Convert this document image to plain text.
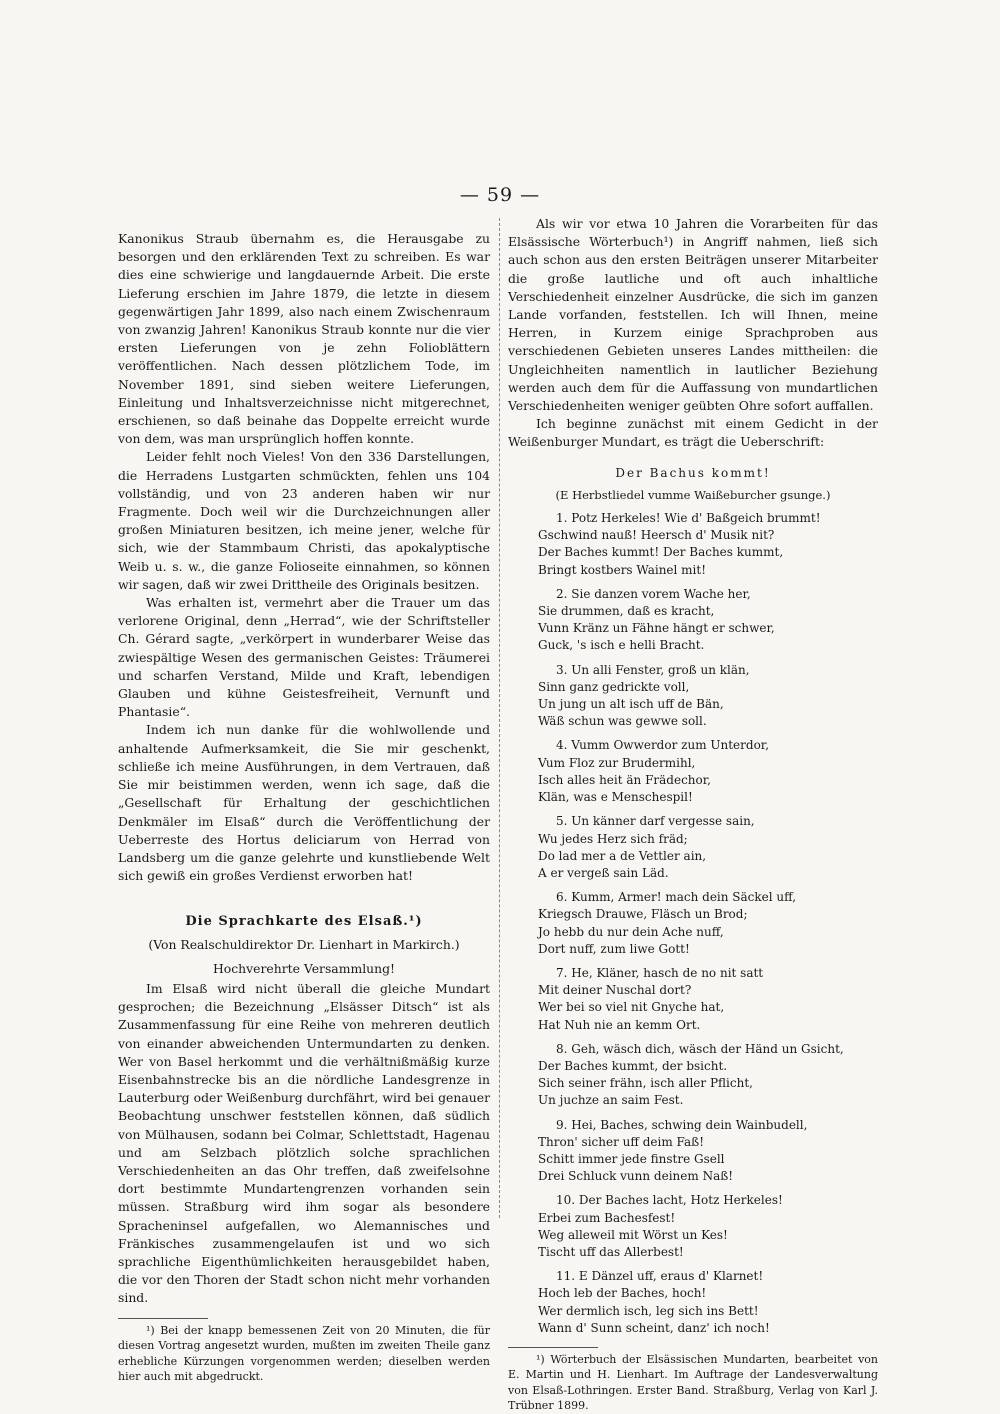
— 59 —

Kanonikus Straub übernahm es, die Herausgabe zu besorgen und den erklärenden Text zu schreiben. Es war dies eine schwierige und langdauernde Arbeit. Die erste Lieferung erschien im Jahre 1879, die letzte in diesem gegenwärtigen Jahr 1899, also nach einem Zwischenraum von zwanzig Jahren! Kanonikus Straub konnte nur die vier ersten Lieferungen von je zehn Folioblättern veröffentlichen. Nach dessen plötzlichem Tode, im November 1891, sind sieben weitere Lieferungen, Einleitung und Inhaltsverzeichnisse nicht mitgerechnet, erschienen, so daß beinahe das Doppelte erreicht wurde von dem, was man ursprünglich hoffen konnte.

Leider fehlt noch Vieles! Von den 336 Darstellungen, die Herradens Lustgarten schmückten, fehlen uns 104 vollständig, und von 23 anderen haben wir nur Fragmente. Doch weil wir die Durchzeichnungen aller großen Miniaturen besitzen, ich meine jener, welche für sich, wie der Stammbaum Christi, das apokalyptische Weib u. s. w., die ganze Folioseite einnahmen, so können wir sagen, daß wir zwei Drittheile des Originals besitzen.

Was erhalten ist, vermehrt aber die Trauer um das verlorene Original, denn „Herrad“, wie der Schriftsteller Ch. Gérard sagte, „verkörpert in wunderbarer Weise das zwiespältige Wesen des germanischen Geistes: Träumerei und scharfen Verstand, Milde und Kraft, lebendigen Glauben und kühne Geistesfreiheit, Vernunft und Phantasie“.

Indem ich nun danke für die wohlwollende und anhaltende Aufmerksamkeit, die Sie mir geschenkt, schließe ich meine Ausführungen, in dem Vertrauen, daß Sie mir beistimmen werden, wenn ich sage, daß die „Gesellschaft für Erhaltung der geschichtlichen Denkmäler im Elsaß“ durch die Veröffentlichung der Ueberreste des Hortus deliciarum von Herrad von Landsberg um die ganze gelehrte und kunstliebende Welt sich gewiß ein großes Verdienst erworben hat!

Die Sprachkarte des Elsaß.¹)
(Von Realschuldirektor Dr. Lienhart in Markirch.)
Hochverehrte Versammlung!

Im Elsaß wird nicht überall die gleiche Mundart gesprochen; die Bezeichnung „Elsässer Ditsch“ ist als Zusammenfassung für eine Reihe von mehreren deutlich von einander abweichenden Untermundarten zu denken. Wer von Basel herkommt und die verhältnißmäßig kurze Eisenbahnstrecke bis an die nördliche Landesgrenze in Lauterburg oder Weißenburg durchfährt, wird bei genauer Beobachtung unschwer feststellen können, daß südlich von Mülhausen, sodann bei Colmar, Schlettstadt, Hagenau und am Selzbach plötzlich solche sprachlichen Verschiedenheiten an das Ohr treffen, daß zweifelsohne dort bestimmte Mundartengrenzen vorhanden sein müssen. Straßburg wird ihm sogar als besondere Spracheninsel aufgefallen, wo Alemannisches und Fränkisches zusammengelaufen ist und wo sich sprachliche Eigenthümlichkeiten herausgebildet haben, die vor den Thoren der Stadt schon nicht mehr vorhanden sind.

¹) Bei der knapp bemessenen Zeit von 20 Minuten, die für diesen Vortrag angesetzt wurden, mußten im zweiten Theile ganz erhebliche Kürzungen vorgenommen werden; dieselben werden hier auch mit abgedruckt.

Als wir vor etwa 10 Jahren die Vorarbeiten für das Elsässische Wörterbuch¹) in Angriff nahmen, ließ sich auch schon aus den ersten Beiträgen unserer Mitarbeiter die große lautliche und oft auch inhaltliche Verschiedenheit einzelner Ausdrücke, die sich im ganzen Lande vorfanden, feststellen. Ich will Ihnen, meine Herren, in Kurzem einige Sprachproben aus verschiedenen Gebieten unseres Landes mittheilen: die Ungleichheiten namentlich in lautlicher Beziehung werden auch dem für die Auffassung von mundartlichen Verschiedenheiten weniger geübten Ohre sofort auffallen.

Ich beginne zunächst mit einem Gedicht in der Weißenburger Mundart, es trägt die Ueberschrift:

Der Bachus kommt!
(E Herbstliedel vumme Waißeburcher gsunge.)
1. Potz Herkeles! Wie d' Baßgeich brummt!
Gschwind nauß! Heersch d' Musik nit?
Der Baches kummt! Der Baches kummt,
Bringt kostbers Wainel mit!
2. Sie danzen vorem Wache her,
Sie drummen, daß es kracht,
Vunn Kränz un Fähne hängt er schwer,
Guck, 's isch e helli Bracht.
3. Un alli Fenster, groß un klän,
Sinn ganz gedrickte voll,
Un jung un alt isch uff de Bän,
Wäß schun was gewwe soll.
4. Vumm Owwerdor zum Unterdor,
Vum Floz zur Brudermihl,
Isch alles heit än Frädechor,
Klän, was e Menschespil!
5. Un känner darf vergesse sain,
Wu jedes Herz sich fräd;
Do lad mer a de Vettler ain,
A er vergeß sain Läd.
6. Kumm, Armer! mach dein Säckel uff,
Kriegsch Drauwe, Fläsch un Brod;
Jo hebb du nur dein Ache nuff,
Dort nuff, zum liwe Gott!
7. He, Kläner, hasch de no nit satt
Mit deiner Nuschal dort?
Wer bei so viel nit Gnyche hat,
Hat Nuh nie an kemm Ort.
8. Geh, wäsch dich, wäsch der Händ un Gsicht,
Der Baches kummt, der bsicht.
Sich seiner frähn, isch aller Pflicht,
Un juchze an saim Fest.
9. Hei, Baches, schwing dein Wainbudell,
Thron' sicher uff deim Faß!
Schitt immer jede finstre Gsell
Drei Schluck vunn deinem Naß!
10. Der Baches lacht, Hotz Herkeles!
Erbei zum Bachesfest!
Weg alleweil mit Wörst un Kes!
Tischt uff das Allerbest!
11. E Dänzel uff, eraus d' Klarnet!
Hoch leb der Baches, hoch!
Wer dermlich isch, leg sich ins Bett!
Wann d' Sunn scheint, danz' ich noch!

¹) Wörterbuch der Elsässischen Mundarten, bearbeitet von E. Martin und H. Lienhart. Im Auftrage der Landesverwaltung von Elsaß-Lothringen. Erster Band. Straßburg, Verlag von Karl J. Trübner 1899.
